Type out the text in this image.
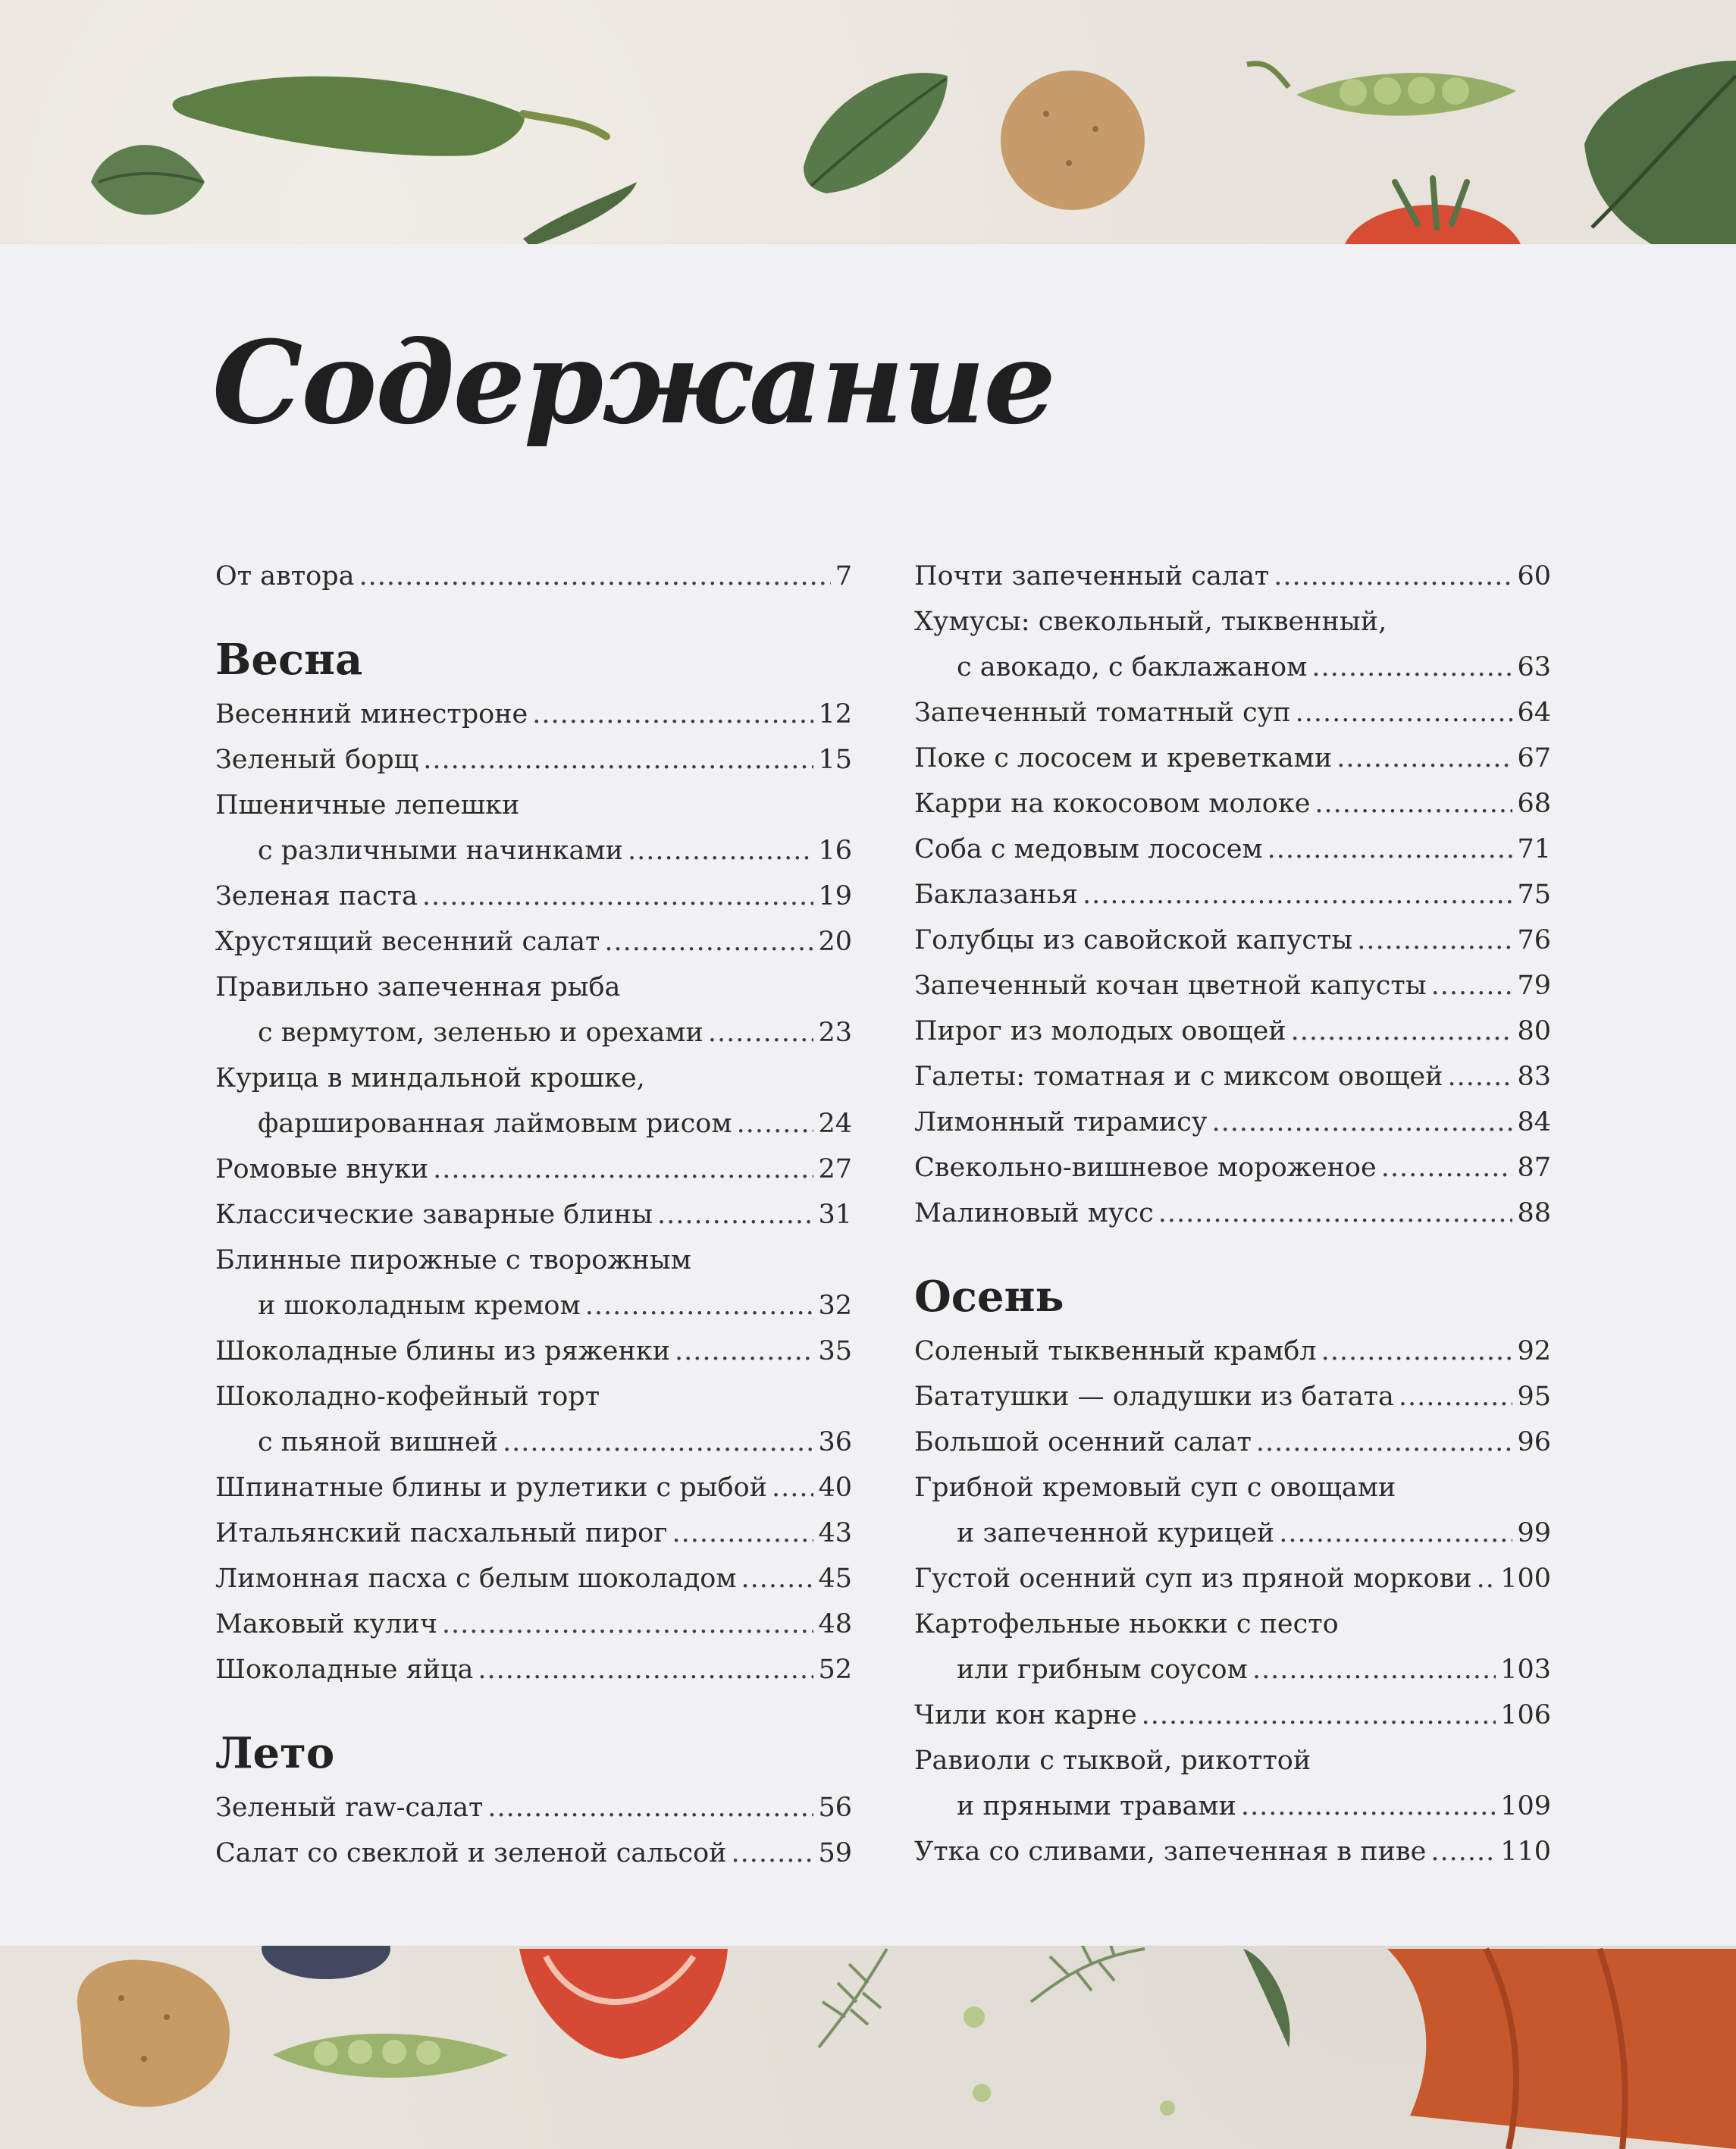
Содержание
От автора .....	7
Весна
Весенний минестроне .....	12
Зеленый борщ .....	15
Пшеничные лепешки
с различными начинками .....	16
Зеленая паста .....	19
Хрустящий весенний салат .....	20
Правильно запеченная рыба
с вермутом, зеленью и орехами .....	23
Курица в миндальной крошке,
фаршированная лаймовым рисом .....	24
Ромовые внуки .....	27
Классические заварные блины .....	31
Блинные пирожные с творожным
и шоколадным кремом .....	32
Шоколадные блины из ряженки .....	35
Шоколадно-кофейный торт
с пьяной вишней .....	36
Шпинатные блины и рулетики с рыбой ..... 40
Итальянский пасхальный пирог .....	43
Лимонная пасха с белым шоколадом .....	45
Маковый кулич .....	48
Шоколадные яйца .....	52
Лето
Зеленый raw-салат .....	56
Салат со свеклой и зеленой сальсой .....	59
Почти запеченный салат .....	60
Хумусы: свекольный, тыквенный,
с авокадо, с баклажаном .....	63
Запеченный томатный суп .....	64
Поке с лососем и креветками .....	67
Карри на кокосовом молоке .....	68
Соба с медовым лососем .....	71
Баклазанья .....	75
Голубцы из савойской капусты .....	76
Запеченный кочан цветной капусты .....	79
Пирог из молодых овощей .....	80
Галеты: томатная и с миксом овощей .....	83
Лимонный тирамису .....	84
Свекольно-вишневое мороженое .....	87
Малиновый мусс .....	88
Осень
Соленый тыквенный крамбл .....	92
Бататушки — оладушки из батата .....	95
Большой осенний салат .....	96
Грибной кремовый суп с овощами
и запеченной курицей .....	99
Густой осенний суп из пряной моркови ..... 100
Картофельные ньокки с песто
или грибным соусом .....	103
Чили кон карне .....	106
Равиоли с тыквой, рикоттой
и пряными травами .....	109
Утка со сливами, запеченная в пиве .....	110
